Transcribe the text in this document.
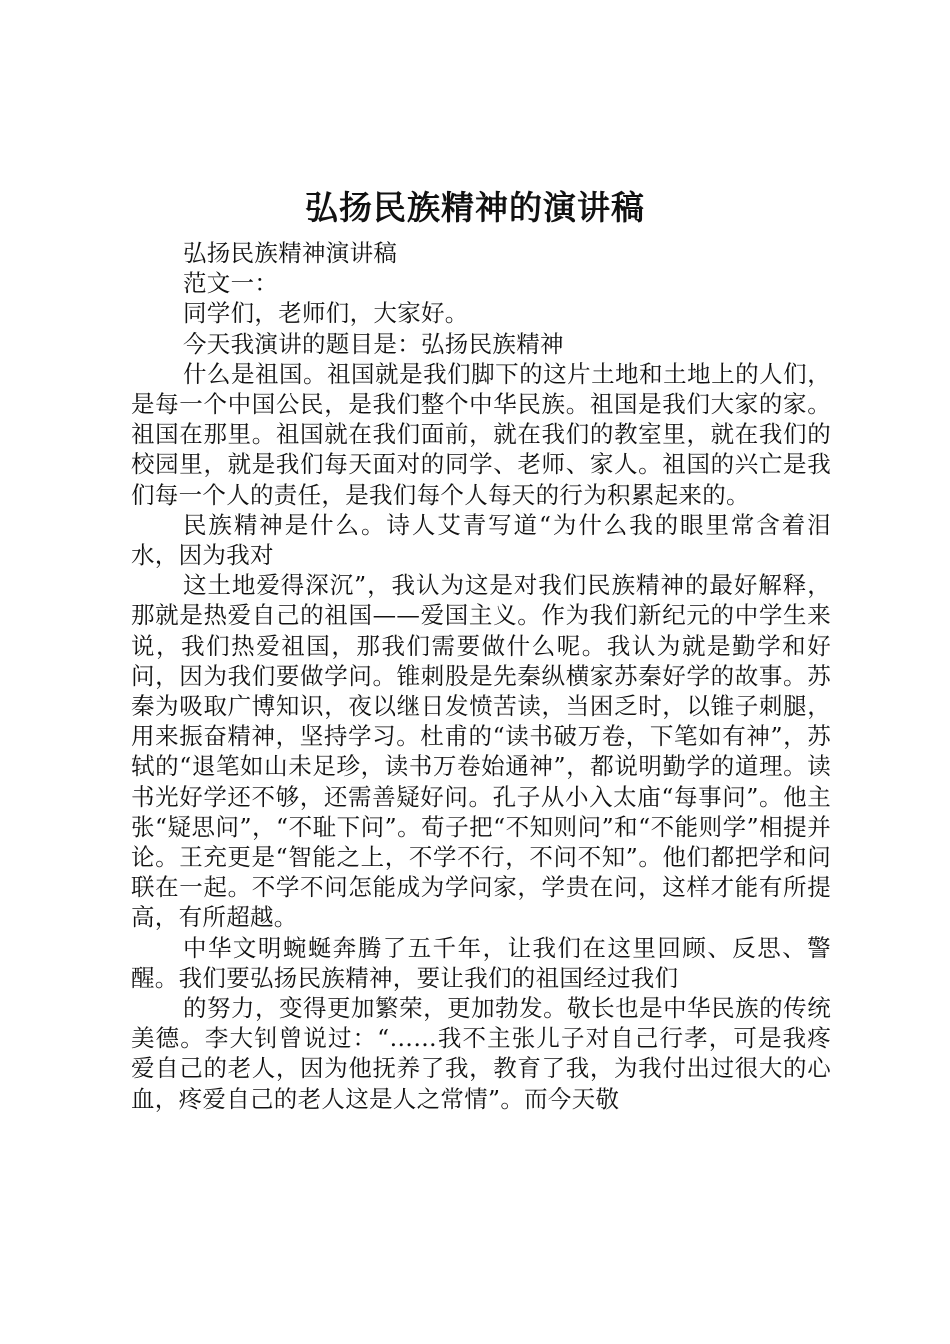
弘扬民族精神的演讲稿

弘扬民族精神演讲稿

范文一：

同学们，老师们，大家好。

今天我演讲的题目是：弘扬民族精神

什么是祖国。祖国就是我们脚下的这片土地和土地上的人们，是每一个中国公民，是我们整个中华民族。祖国是我们大家的家。祖国在那里。祖国就在我们面前，就在我们的教室里，就在我们的校园里，就是我们每天面对的同学、老师、家人。祖国的兴亡是我们每一个人的责任，是我们每个人每天的行为积累起来的。

民族精神是什么。诗人艾青写道“为什么我的眼里常含着泪水，因为我对

这土地爱得深沉”，我认为这是对我们民族精神的最好解释，那就是热爱自己的祖国——爱国主义。作为我们新纪元的中学生来说，我们热爱祖国，那我们需要做什么呢。我认为就是勤学和好问，因为我们要做学问。锥刺股是先秦纵横家苏秦好学的故事。苏秦为吸取广博知识，夜以继日发愤苦读，当困乏时，以锥子刺腿，用来振奋精神，坚持学习。杜甫的“读书破万卷，下笔如有神”，苏轼的“退笔如山未足珍，读书万卷始通神”，都说明勤学的道理。读书光好学还不够，还需善疑好问。孔子从小入太庙“每事问”。他主张“疑思问”，“不耻下问”。荀子把“不知则问”和“不能则学”相提并论。王充更是“智能之上，不学不行，不问不知”。他们都把学和问联在一起。不学不问怎能成为学问家，学贵在问，这样才能有所提高，有所超越。

中华文明蜿蜒奔腾了五千年，让我们在这里回顾、反思、警醒。我们要弘扬民族精神，要让我们的祖国经过我们

的努力，变得更加繁荣，更加勃发。敬长也是中华民族的传统美德。李大钊曾说过：“……我不主张儿子对自己行孝，可是我疼爱自己的老人，因为他抚养了我，教育了我，为我付出过很大的心血，疼爱自己的老人这是人之常情”。而今天敬
